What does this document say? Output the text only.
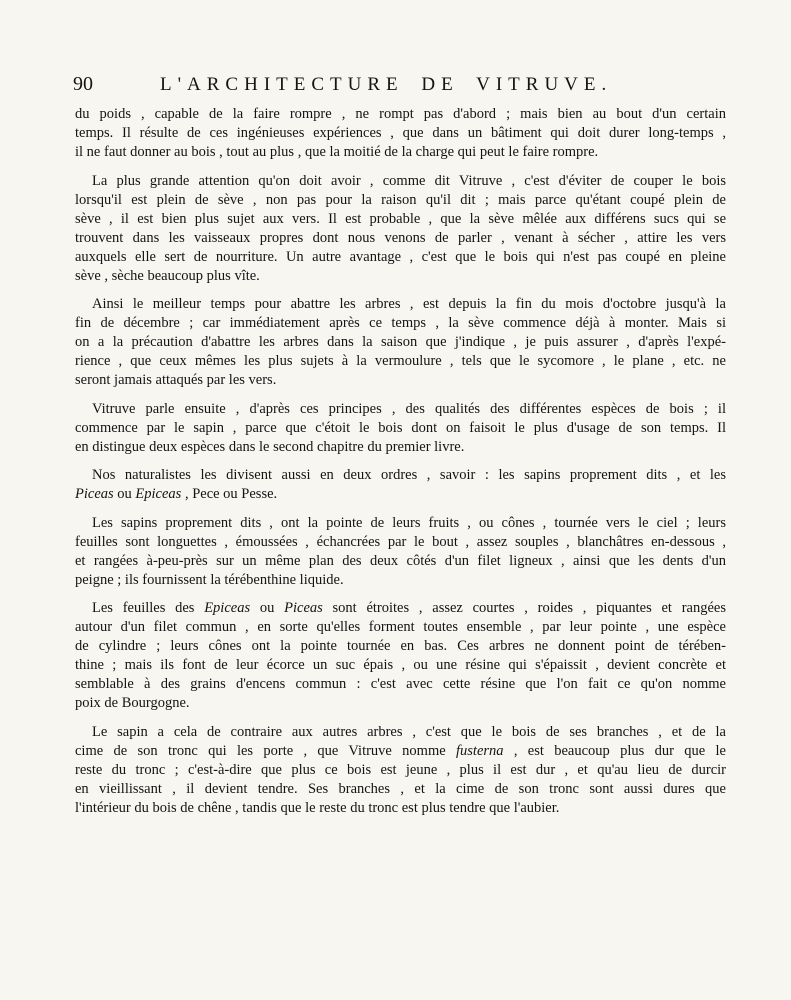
90	L'ARCHITECTURE DE VITRUVE.
du poids , capable de la faire rompre , ne rompt pas d'abord ; mais bien au bout d'un certain
temps. Il résulte de ces ingénieuses expériences , que dans un bâtiment qui doit durer long-temps ,
il ne faut donner au bois , tout au plus , que la moitié de la charge qui peut le faire rompre.
La plus grande attention qu'on doit avoir , comme dit Vitruve , c'est d'éviter de couper le bois
lorsqu'il est plein de sève , non pas pour la raison qu'il dit ; mais parce qu'étant coupé plein de
sève , il est bien plus sujet aux vers. Il est probable , que la sève mêlée aux différens sucs qui se
trouvent dans les vaisseaux propres dont nous venons de parler , venant à sécher , attire les vers
auxquels elle sert de nourriture. Un autre avantage , c'est que le bois qui n'est pas coupé en pleine
sève , sèche beaucoup plus vîte.
Ainsi le meilleur temps pour abattre les arbres , est depuis la fin du mois d'octobre jusqu'à la
fin de décembre ; car immédiatement après ce temps , la sève commence déjà à monter. Mais si
on a la précaution d'abattre les arbres dans la saison que j'indique , je puis assurer , d'après l'expé-
rience , que ceux mêmes les plus sujets à la vermoulure , tels que le sycomore , le plane , etc. ne
seront jamais attaqués par les vers.
Vitruve parle ensuite , d'après ces principes , des qualités des différentes espèces de bois ; il
commence par le sapin , parce que c'étoit le bois dont on faisoit le plus d'usage de son temps. Il
en distingue deux espèces dans le second chapitre du premier livre.
Nos naturalistes les divisent aussi en deux ordres , savoir : les sapins proprement dits , et les
Piceas ou Epiceas , Pece ou Pesse.
Les sapins proprement dits , ont la pointe de leurs fruits , ou cônes , tournée vers le ciel ; leurs
feuilles sont longuettes , émoussées , échancrées par le bout , assez souples , blanchâtres en-dessous ,
et rangées à-peu-près sur un même plan des deux côtés d'un filet ligneux , ainsi que les dents d'un
peigne ; ils fournissent la térébenthine liquide.
Les feuilles des Epiceas ou Piceas sont étroites , assez courtes , roides , piquantes et rangées
autour d'un filet commun , en sorte qu'elles forment toutes ensemble , par leur pointe , une espèce
de cylindre ; leurs cônes ont la pointe tournée en bas. Ces arbres ne donnent point de térében-
thine ; mais ils font de leur écorce un suc épais , ou une résine qui s'épaissit , devient concrète et
semblable à des grains d'encens commun : c'est avec cette résine que l'on fait ce qu'on nomme
poix de Bourgogne.
Le sapin a cela de contraire aux autres arbres , c'est que le bois de ses branches , et de la
cime de son tronc qui les porte , que Vitruve nomme fusterna , est beaucoup plus dur que le
reste du tronc ; c'est-à-dire que plus ce bois est jeune , plus il est dur , et qu'au lieu de durcir
en vieillissant , il devient tendre. Ses branches , et la cime de son tronc sont aussi dures que
l'intérieur du bois de chêne , tandis que le reste du tronc est plus tendre que l'aubier.
